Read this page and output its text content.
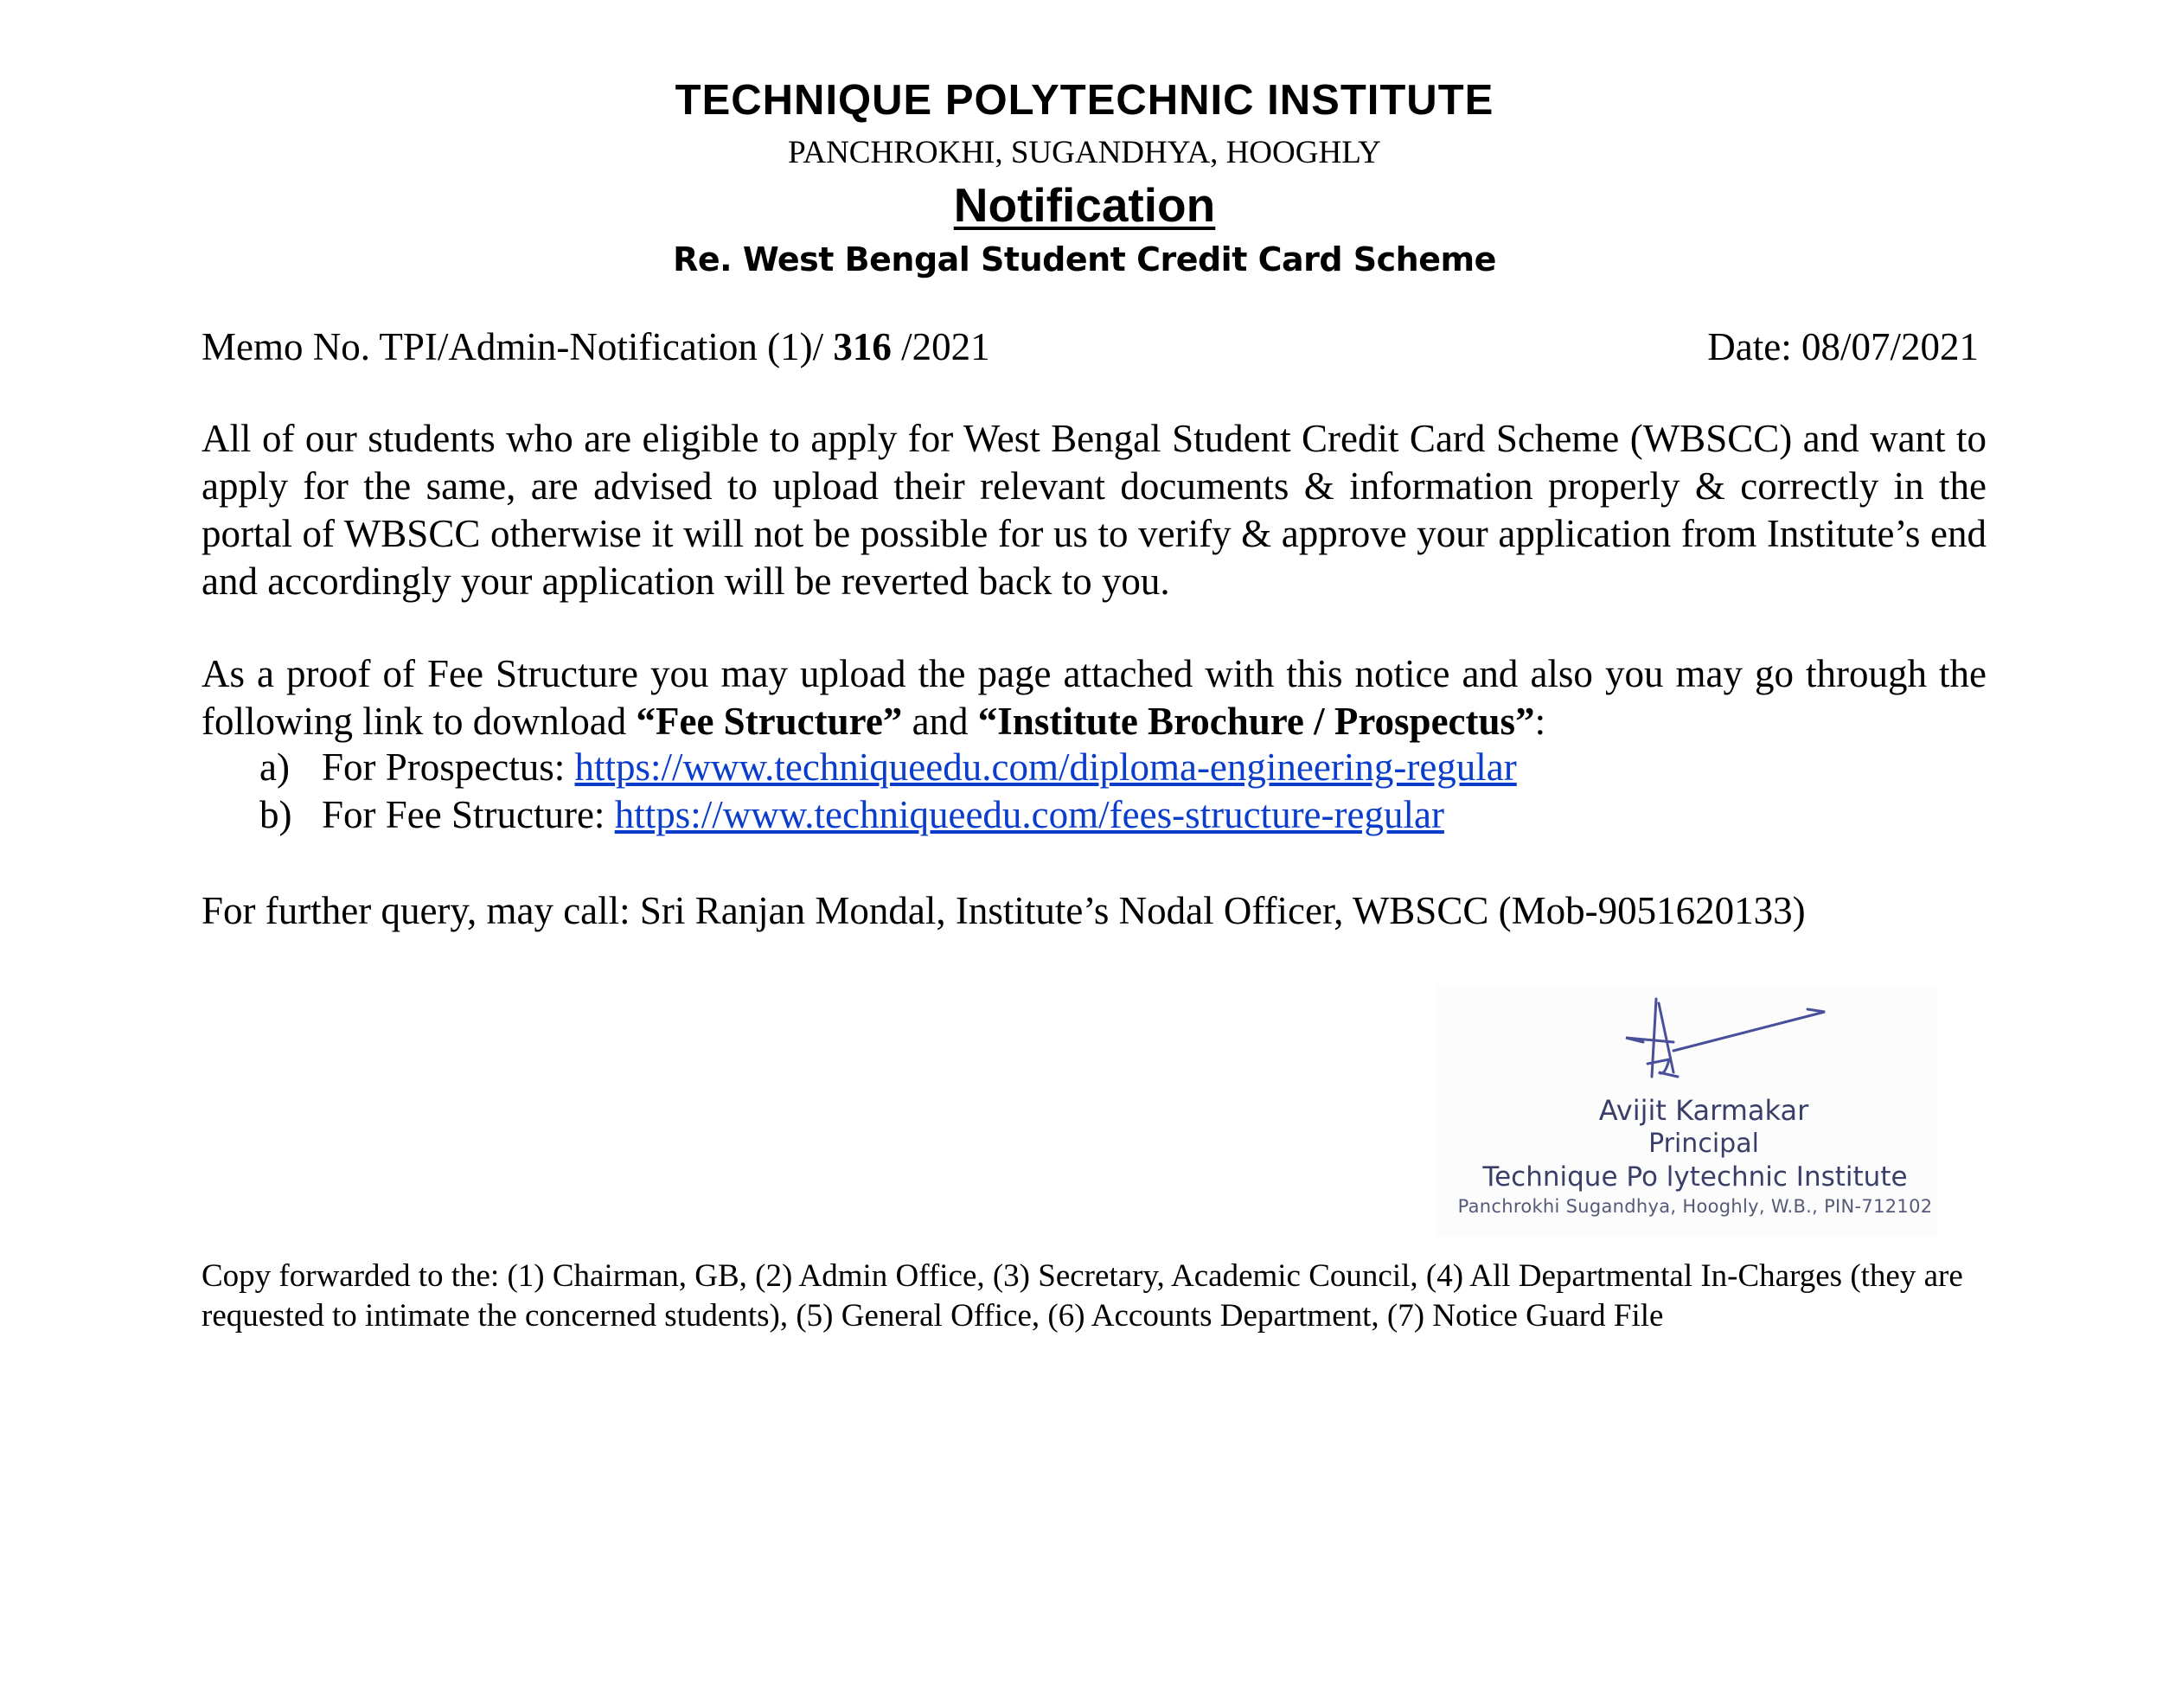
TECHNIQUE POLYTECHNIC INSTITUTE
PANCHROKHI, SUGANDHYA, HOOGHLY
Notification
Re. West Bengal Student Credit Card Scheme
Memo No. TPI/Admin-Notification (1)/ 316 /2021	Date: 08/07/2021
All of our students who are eligible to apply for West Bengal Student Credit Card Scheme (WBSCC) and want to apply for the same, are advised to upload their relevant documents & information properly & correctly in the portal of WBSCC otherwise it will not be possible for us to verify & approve your application from Institute’s end and accordingly your application will be reverted back to you.
As a proof of Fee Structure you may upload the page attached with this notice and also you may go through the following link to download “Fee Structure” and “Institute Brochure / Prospectus”:
a) For Prospectus:
https://www.techniqueedu.com/diploma-engineering-regular
b) For Fee Structure:
https://www.techniqueedu.com/fees-structure-regular
For further query, may call: Sri Ranjan Mondal, Institute’s Nodal Officer, WBSCC (Mob-9051620133)
Avijit Karmakar
Principal
Technique Po lytechnic Institute
Panchrokhi Sugandhya, Hooghly, W.B., PIN-712102
Copy forwarded to the: (1) Chairman, GB, (2) Admin Office, (3) Secretary, Academic Council, (4) All Departmental In-Charges (they are requested to intimate the concerned students), (5) General Office, (6) Accounts Department, (7) Notice Guard File
